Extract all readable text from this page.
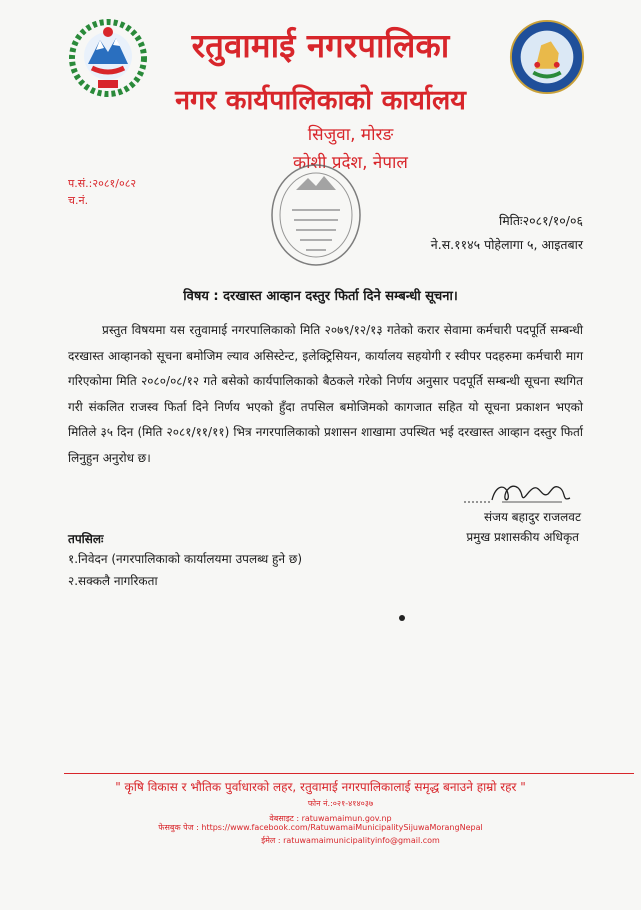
रतुवामाई नगरपालिका
नगर कार्यपालिकाको कार्यालय
सिजुवा, मोरङ
कोशी प्रदेश, नेपाल
प.सं.:२०८१/०८२
च.नं.
मितिः२०८१/१०/०६
ने.स.११४५ पोहेलागा ५, आइतबार
विषय : दरखास्त आव्हान दस्तुर फिर्ता दिने सम्बन्धी सूचना।
प्रस्तुत विषयमा यस रतुवामाई नगरपालिकाको मिति २०७९/१२/१३ गतेको करार सेवामा कर्मचारी पदपूर्ति सम्बन्धी दरखास्त आव्हानको सूचना बमोजिम ल्याव असिस्टेन्ट, इलेक्ट्रिसियन, कार्यालय सहयोगी र स्वीपर पदहरुमा कर्मचारी माग गरिएकोमा मिति २०८०/०८/१२ गते बसेको कार्यपालिकाको बैठकले गरेको निर्णय अनुसार पदपूर्ति सम्बन्धी सूचना स्थगित गरी संकलित राजस्व फिर्ता दिने निर्णय भएको हुँदा तपसिल बमोजिमको कागजात सहित यो सूचना प्रकाशन भएको मितिले ३५ दिन (मिति २०८१/११/११) भित्र नगरपालिकाको प्रशासन शाखामा उपस्थित भई दरखास्त आव्हान दस्तुर फिर्ता लिनुहुन अनुरोध छ।
संजय बहादुर राजलवट
प्रमुख प्रशासकीय अधिकृत
तपसिलः
१.निवेदन (नगरपालिकाको कार्यालयमा उपलब्ध हुने छ)
२.सक्कलै नागरिकता
" कृषि विकास र भौतिक पुर्वाधारको लहर, रतुवामाई नगरपालिकालाई समृद्ध बनाउने हाम्रो रहर "
फोन नं.:०२१-४१४०३७
वेबसाइट : ratuwamaimun.gov.np
फेसबुक पेज : https://www.facebook.com/RatuwamaiMunicipalitySijuwaMorangNepal
ईमेल : ratuwamaimunicipalityinfo@gmail.com
